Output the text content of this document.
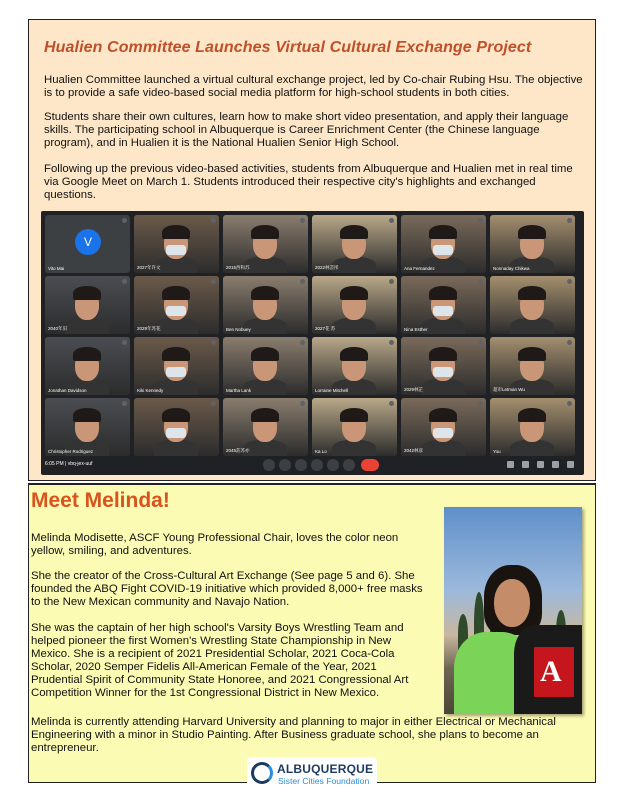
Hualien Committee Launches Virtual Cultural Exchange Project

Hualien Committee launched a virtual cultural exchange project, led by Co-chair Rubing Hsu. The objective is to provide a safe video-based social media platform for high-school students in both cities.

Students share their own cultures, learn how to make short video presentation, and apply their language skills. The participating school in Albuquerque is Career Enrichment Center (the Chinese language program), and in Hualien it is the National Hualien Senior High School.

Following up the previous video-based activities, students from Albuquerque and Hualien met in real time via Google Meet on March 1. Students introduced their respective city's highlights and exchanged questions.

V
Vito Mai	2027年许文	2015西和苏	2022林芸彤	Ana Fernandez	Nonnaday Chikwa
2040年旧	2029年苏花	Ben Nobuey	2027花 苏	Nina Esther
Jonathan Davidson	Kiki Kennedy	Martha Lank	Lorraine Mitchell	2029林芷	超市Letman Wu
Christopher Rodriguez	2045莊苏亦	Ka Lo	2042林彦	You
6:05 PM | vbq-jex-uuf
Meet Melinda!

Melinda Modisette, ASCF Young Professional Chair, loves the color neon yellow, smiling, and adventures.

She the creator of the Cross-Cultural Art Exchange (See page 5 and 6). She founded the ABQ Fight COVID-19 initiative which provided 8,000+ free masks to the New Mexican community and Navajo Nation.

She was the captain of her high school's Varsity Boys Wrestling Team and helped pioneer the first Women's Wrestling State Championship in New Mexico. She is a recipient of 2021 Presidential Scholar, 2021 Coca-Cola Scholar, 2020 Semper Fidelis All-American Female of the Year, 2021 Prudential Spirit of Community State Honoree, and 2021 Congressional Art Competition Winner for the 1st Congressional District in New Mexico.

Melinda is currently attending Harvard University and planning to major in either Electrical or Mechanical Engineering with a minor in Studio Painting. After Business graduate school, she plans to become an entrepreneur.

A
ALBUQUERQUE
Sister Cities Foundation
